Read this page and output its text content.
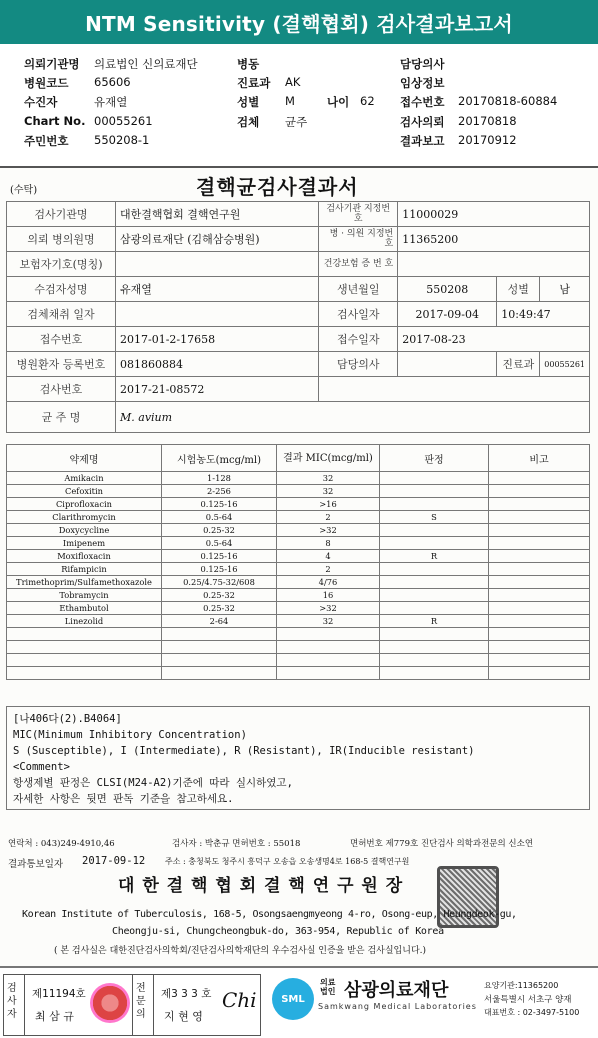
NTM Sensitivity (결핵협회) 검사결과보고서
의뢰기관명 의료법인 신의료재단	병동	담당의사
병원코드 65606	진료과 AK	임상정보
수진자	유재열	성별 M	나이 62 접수번호 20170818-60884
Chart No. 00055261	검체 균주	검사의뢰 20170818
주민번호 550208-1	결과보고 20170912
(수탁)	결핵균검사결과서
검사기관명	대한결핵협회 결핵연구원	검사기관 지정번호	11000029		
의뢰 병의원명	삼광의료재단 (김해삼승병원)	병 · 의원 지정번호	11365200		
보험자기호(명칭)		건강보험 증 번 호			
수검자성명	유재열	생년월일	550208	성별	남
검체채취 일자		검사일자	2017-09-04	10:49:47	
접수번호	2017-01-2-17658	접수일자	2017-08-23		
병원환자 등록번호	081860884	담당의사		진료과	00055261
검사번호	2017-21-08572				
균 주 명	M. avium				
약제명	시험농도(mcg/ml)	결과 MIC(mcg/ml)	판정	비고
Amikacin	1-128	32		
Cefoxitin	2-256	32		
Ciprofloxacin	0.125-16	>16		
Clarithromycin	0.5-64	2	S	
Doxycycline	0.25-32	>32		
Imipenem	0.5-64	8		
Moxifloxacin	0.125-16	4	R	
Rifampicin	0.125-16	2		
Trimethoprim/Sulfamethoxazole	0.25/4.75-32/608	4/76		
Tobramycin	0.25-32	16		
Ethambutol	0.25-32	>32		
Linezolid	2-64	32	R	

[나406다(2).B4064]
MIC(Minimum Inhibitory Concentration)
S (Susceptible), I (Intermediate), R (Resistant), IR(Inducible resistant)
<Comment>
항생제별 판정은 CLSI(M24-A2)기준에 따라 실시하였고,
자세한 사항은 뒷면 판독 기준을 참고하세요.
연락처 : 043)249-4910,46	검사자 : 박춘규 면허번호 : 55018	면허번호 제779호 진단검사 의학과전문의 신소연
결과통보일자 2017-09-12 주소 : 충청북도 청주시 흥덕구 오송읍 오송생명4로 168-5 결핵연구원
대 한 결 핵 협 회 결 핵 연 구 원 장
Korean Institute of Tuberculosis, 168-5, Osongsaengmyeong 4-ro, Osong-eup, Heungdeok-gu,
Cheongju-si, Chungcheongbuk-do, 363-954, Republic of Korea
( 본 검사실은 대한진단검사의학회/진단검사의학재단의 우수검사실 인증을 받은 검사실입니다.)
검사자
제11194호
최 삼 규
전문의
제3 3 3 호
지 현 영
Chi SML
의료법인 삼광의료재단
Samkwang Medical Laboratories
요양기관:11365200
서울특별시 서초구 양재
대표번호 : 02-3497-5100
